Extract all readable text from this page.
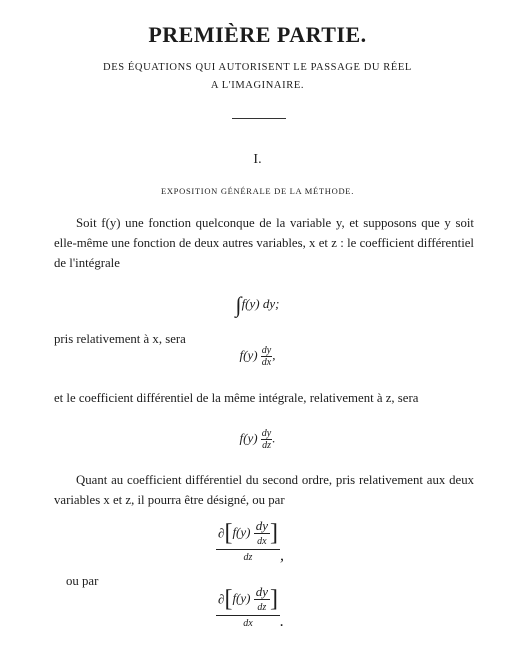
PREMIÈRE PARTIE.
DES ÉQUATIONS QUI AUTORISENT LE PASSAGE DU RÉEL
A L'IMAGINAIRE.
I.
EXPOSITION GÉNÉRALE DE LA MÉTHODE.
Soit f(y) une fonction quelconque de la variable y, et supposons que y soit elle-même une fonction de deux autres variables, x et z : le coefficient différentiel de l'intégrale
∫f(y) dy;
pris relativement à x, sera
$f(y) \frac{dy}{dx}$ ,
et le coefficient différentiel de la même intégrale, relativement à z, sera
$f(y) \frac{dy}{dz}$ .
Quant au coefficient différentiel du second ordre, pris relativement aux deux variables x et z, il pourra être désigné, ou par
$\partial[f(y) \frac{dy}{dx}$ ]
dz	,
ou par
$\partial[f(y) \frac{dy}{dz}$ ]
dx	.
